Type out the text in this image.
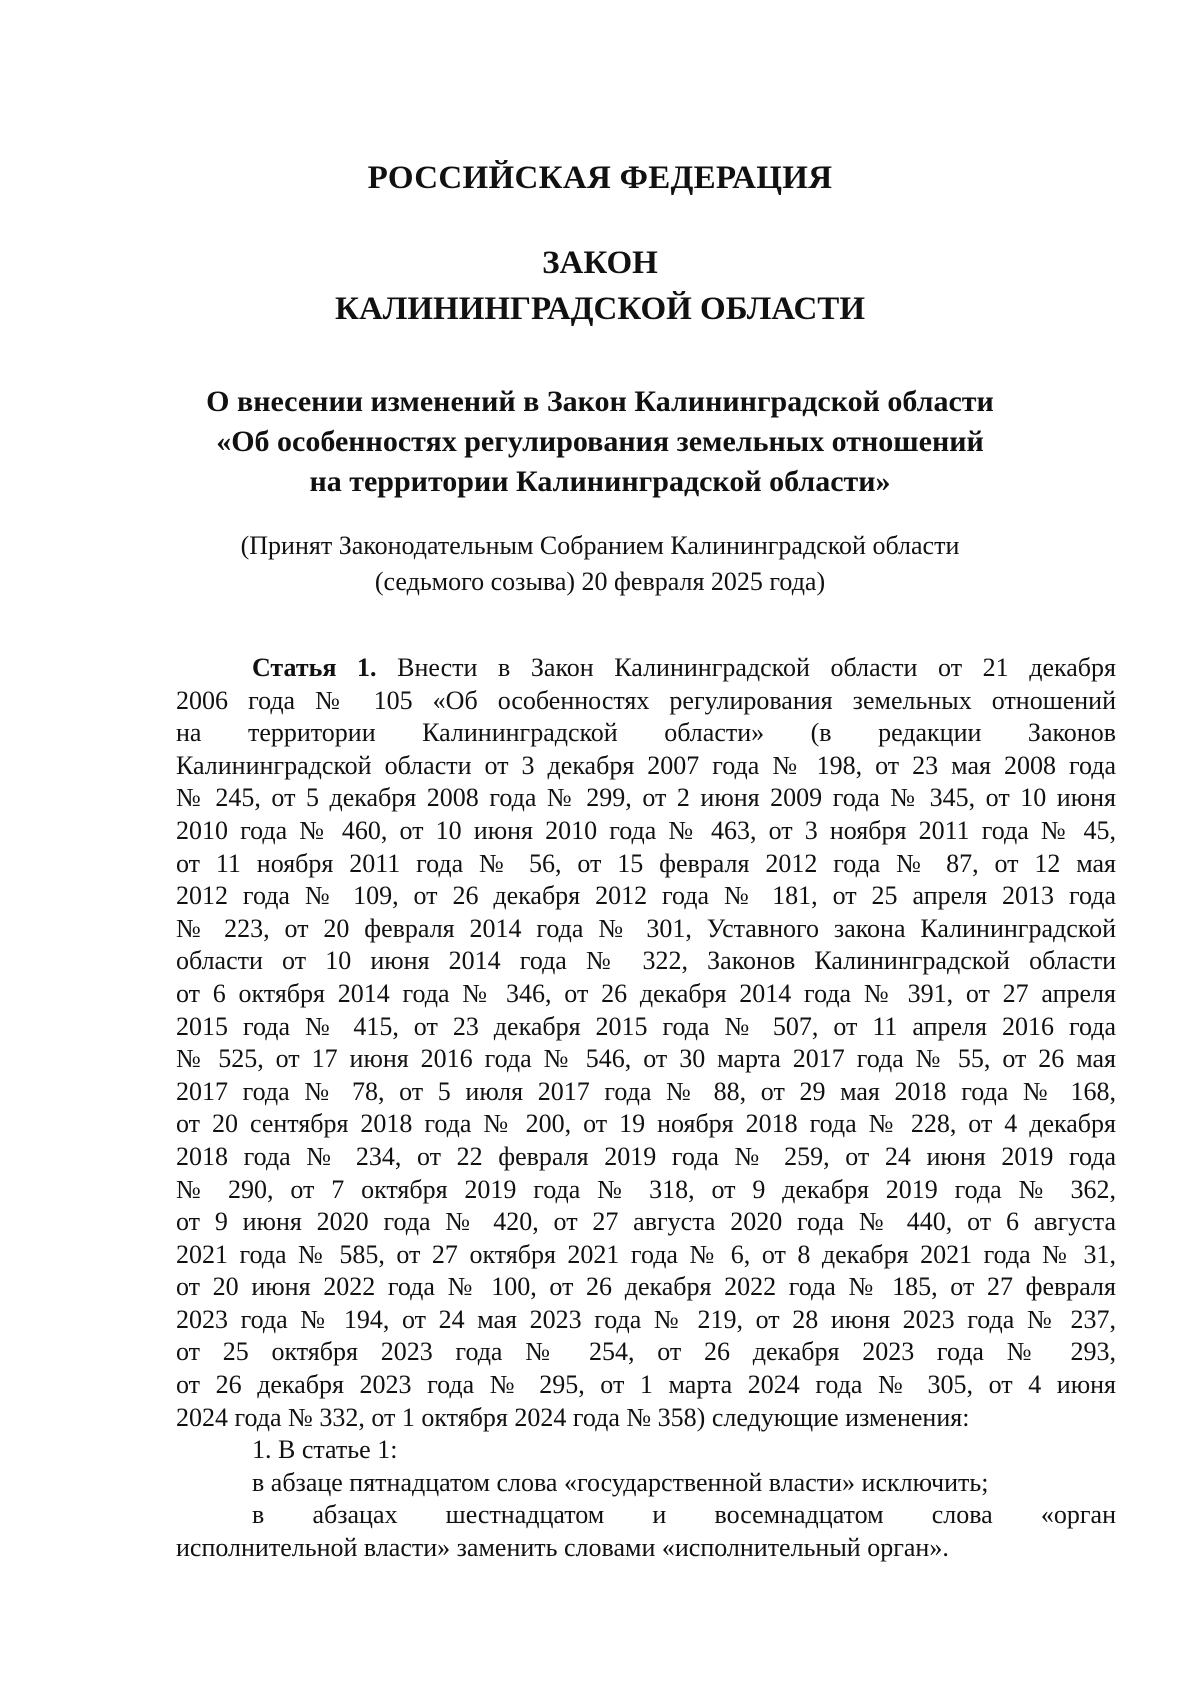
РОССИЙСКАЯ ФЕДЕРАЦИЯ
ЗАКОН
КАЛИНИНГРАДСКОЙ ОБЛАСТИ
О внесении изменений в Закон Калининградской области
«Об особенностях регулирования земельных отношений
на территории Калининградской области»
(Принят Законодательным Собранием Калининградской области
(седьмого созыва) 20 февраля 2025 года)
Статья 1. Внести в Закон Калининградской области от 21 декабря
2006 года № 105 «Об особенностях регулирования земельных отношений
на территории Калининградской области» (в редакции Законов
Калининградской области от 3 декабря 2007 года № 198, от 23 мая 2008 года
№ 245, от 5 декабря 2008 года № 299, от 2 июня 2009 года № 345, от 10 июня
2010 года № 460, от 10 июня 2010 года № 463, от 3 ноября 2011 года № 45,
от 11 ноября 2011 года № 56, от 15 февраля 2012 года № 87, от 12 мая
2012 года № 109, от 26 декабря 2012 года № 181, от 25 апреля 2013 года
№ 223, от 20 февраля 2014 года № 301, Уставного закона Калининградской
области от 10 июня 2014 года № 322, Законов Калининградской области
от 6 октября 2014 года № 346, от 26 декабря 2014 года № 391, от 27 апреля
2015 года № 415, от 23 декабря 2015 года № 507, от 11 апреля 2016 года
№ 525, от 17 июня 2016 года № 546, от 30 марта 2017 года № 55, от 26 мая
2017 года № 78, от 5 июля 2017 года № 88, от 29 мая 2018 года № 168,
от 20 сентября 2018 года № 200, от 19 ноября 2018 года № 228, от 4 декабря
2018 года № 234, от 22 февраля 2019 года № 259, от 24 июня 2019 года
№ 290, от 7 октября 2019 года № 318, от 9 декабря 2019 года № 362,
от 9 июня 2020 года № 420, от 27 августа 2020 года № 440, от 6 августа
2021 года № 585, от 27 октября 2021 года № 6, от 8 декабря 2021 года № 31,
от 20 июня 2022 года № 100, от 26 декабря 2022 года № 185, от 27 февраля
2023 года № 194, от 24 мая 2023 года № 219, от 28 июня 2023 года № 237,
от 25 октября 2023 года № 254, от 26 декабря 2023 года № 293,
от 26 декабря 2023 года № 295, от 1 марта 2024 года № 305, от 4 июня
2024 года № 332, от 1 октября 2024 года № 358) следующие изменения:
1. В статье 1:
в абзаце пятнадцатом слова «государственной власти» исключить;
в абзацах шестнадцатом и восемнадцатом слова «орган
исполнительной власти» заменить словами «исполнительный орган».
